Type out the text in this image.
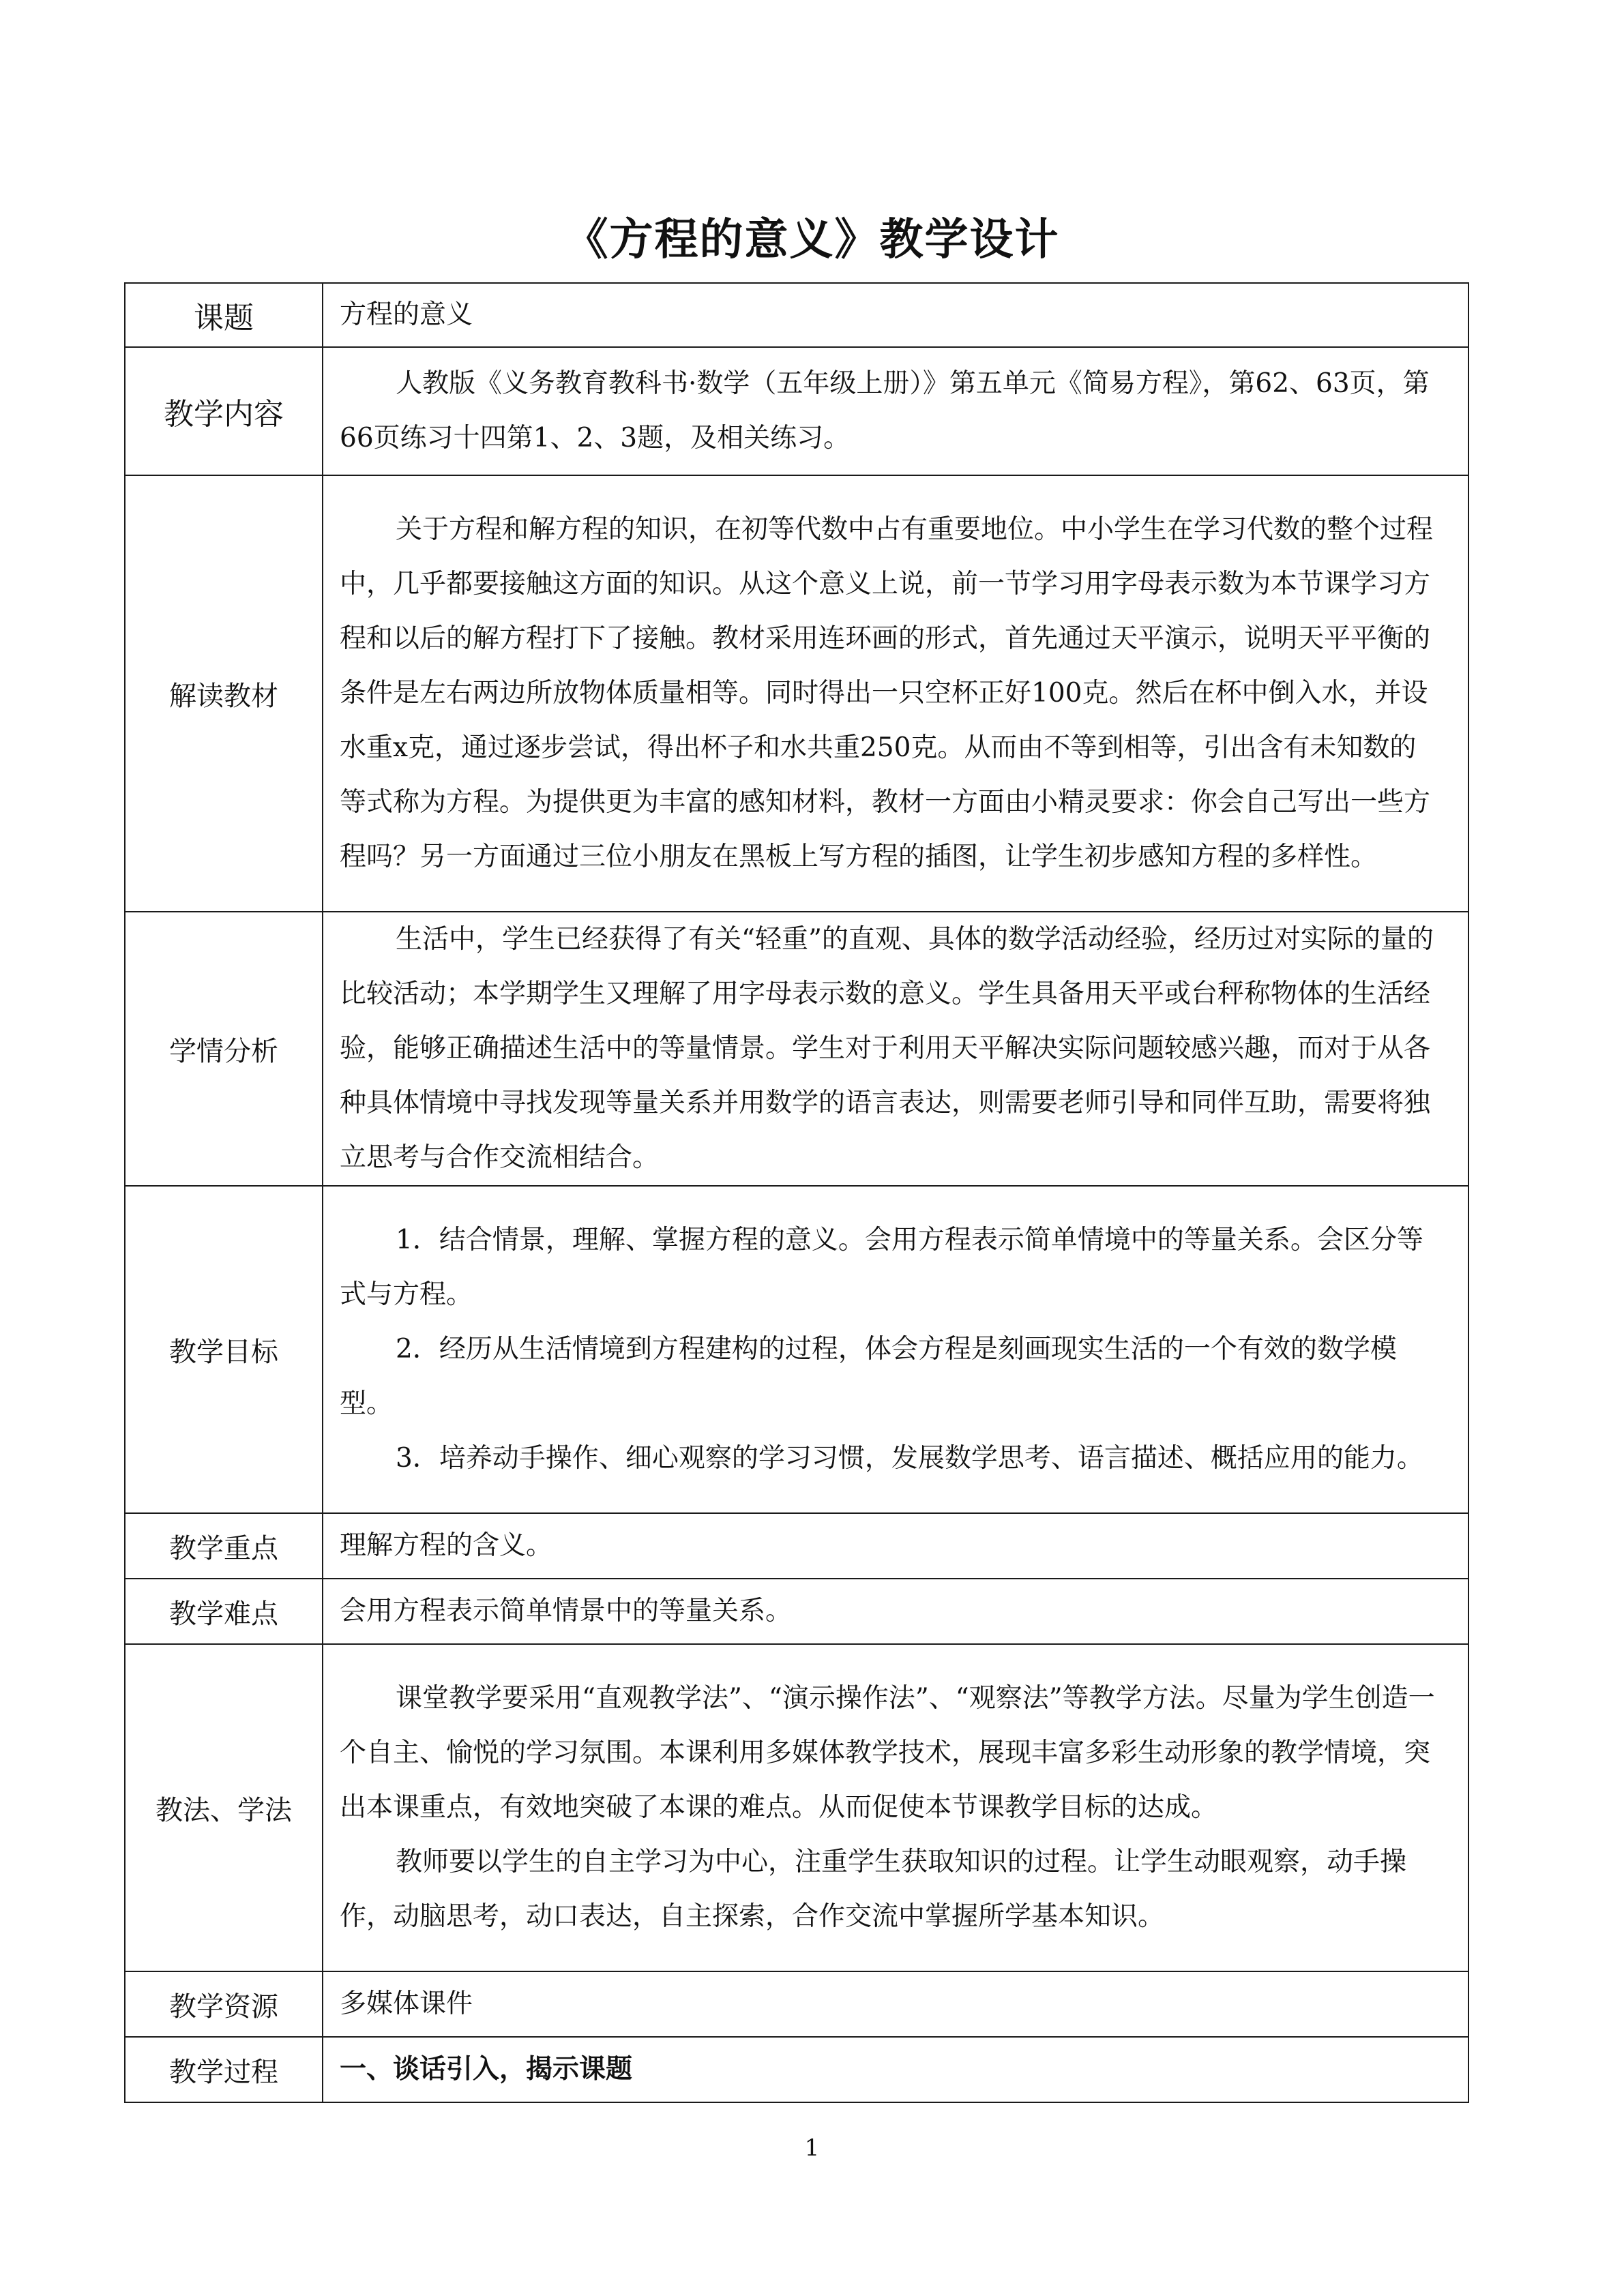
《方程的意义》教学设计
课题	方程的意义
教学内容	人教版《义务教育教科书·数学（五年级上册）》第五单元《简易方程》，第62、63页，第66页练习十四第1、2、3题，及相关练习。

解读教材	关于方程和解方程的知识，在初等代数中占有重要地位。中小学生在学习代数的整个过程中，几乎都要接触这方面的知识。从这个意义上说，前一节学习用字母表示数为本节课学习方程和以后的解方程打下了接触。教材采用连环画的形式，首先通过天平演示，说明天平平衡的条件是左右两边所放物体质量相等。同时得出一只空杯正好100克。然后在杯中倒入水，并设水重x克，通过逐步尝试，得出杯子和水共重250克。从而由不等到相等，引出含有未知数的等式称为方程。为提供更为丰富的感知材料，教材一方面由小精灵要求：你会自己写出一些方程吗？另一方面通过三位小朋友在黑板上写方程的插图，让学生初步感知方程的多样性。

学情分析	生活中，学生已经获得了有关“轻重”的直观、具体的数学活动经验，经历过对实际的量的比较活动；本学期学生又理解了用字母表示数的意义。学生具备用天平或台秤称物体的生活经验，能够正确描述生活中的等量情景。学生对于利用天平解决实际问题较感兴趣，而对于从各种具体情境中寻找发现等量关系并用数学的语言表达，则需要老师引导和同伴互助，需要将独立思考与合作交流相结合。

教学目标	1．结合情景，理解、掌握方程的意义。会用方程表示简单情境中的等量关系。会区分等式与方程。

2．经历从生活情境到方程建构的过程，体会方程是刻画现实生活的一个有效的数学模型。

3．培养动手操作、细心观察的学习习惯，发展数学思考、语言描述、概括应用的能力。

教学重点	理解方程的含义。
教学难点	会用方程表示简单情景中的等量关系。
教法、学法	课堂教学要采用“直观教学法”、“演示操作法”、“观察法”等教学方法。尽量为学生创造一个自主、愉悦的学习氛围。本课利用多媒体教学技术，展现丰富多彩生动形象的教学情境，突出本课重点，有效地突破了本课的难点。从而促使本节课教学目标的达成。

教师要以学生的自主学习为中心，注重学生获取知识的过程。让学生动眼观察，动手操作，动脑思考，动口表达，自主探索，合作交流中掌握所学基本知识。

教学资源	多媒体课件
教学过程	一、谈话引入，揭示课题
1
